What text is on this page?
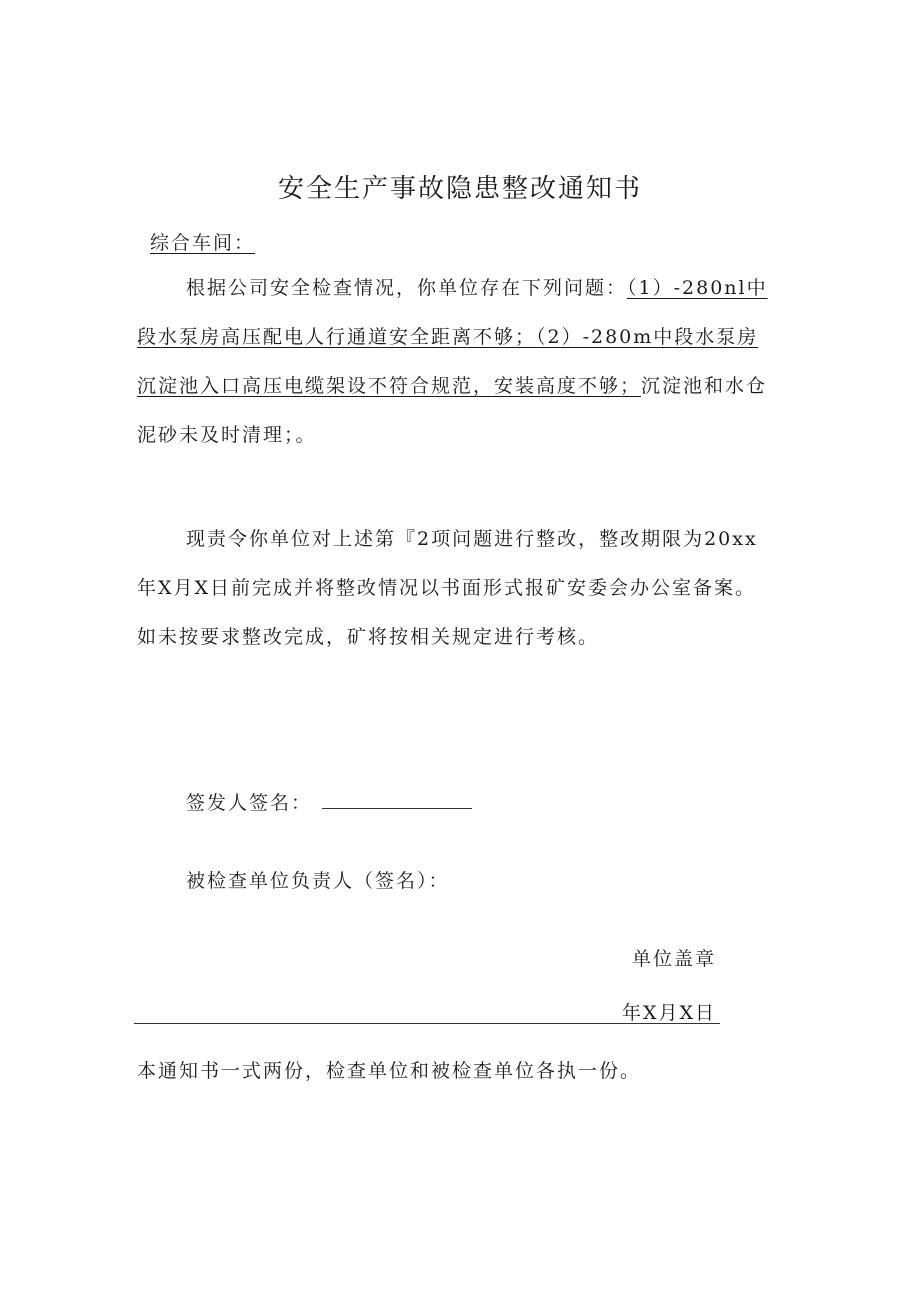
安全生产事故隐患整改通知书
综合车间：
根据公司安全检查情况，你单位存在下列问题：（1）-280nl中
段水泵房高压配电人行通道安全距离不够；（2）-280m中段水泵房
沉淀池入口高压电缆架设不符合规范，安装高度不够；沉淀池和水仓
泥砂未及时清理；。
现责令你单位对上述第『2项问题进行整改，整改期限为20xx
年X月X日前完成并将整改情况以书面形式报矿安委会办公室备案。
如未按要求整改完成，矿将按相关规定进行考核。
签发人签名：
被检查单位负责人（签名）：
单位盖章
年X月X日
本通知书一式两份，检查单位和被检查单位各执一份。
